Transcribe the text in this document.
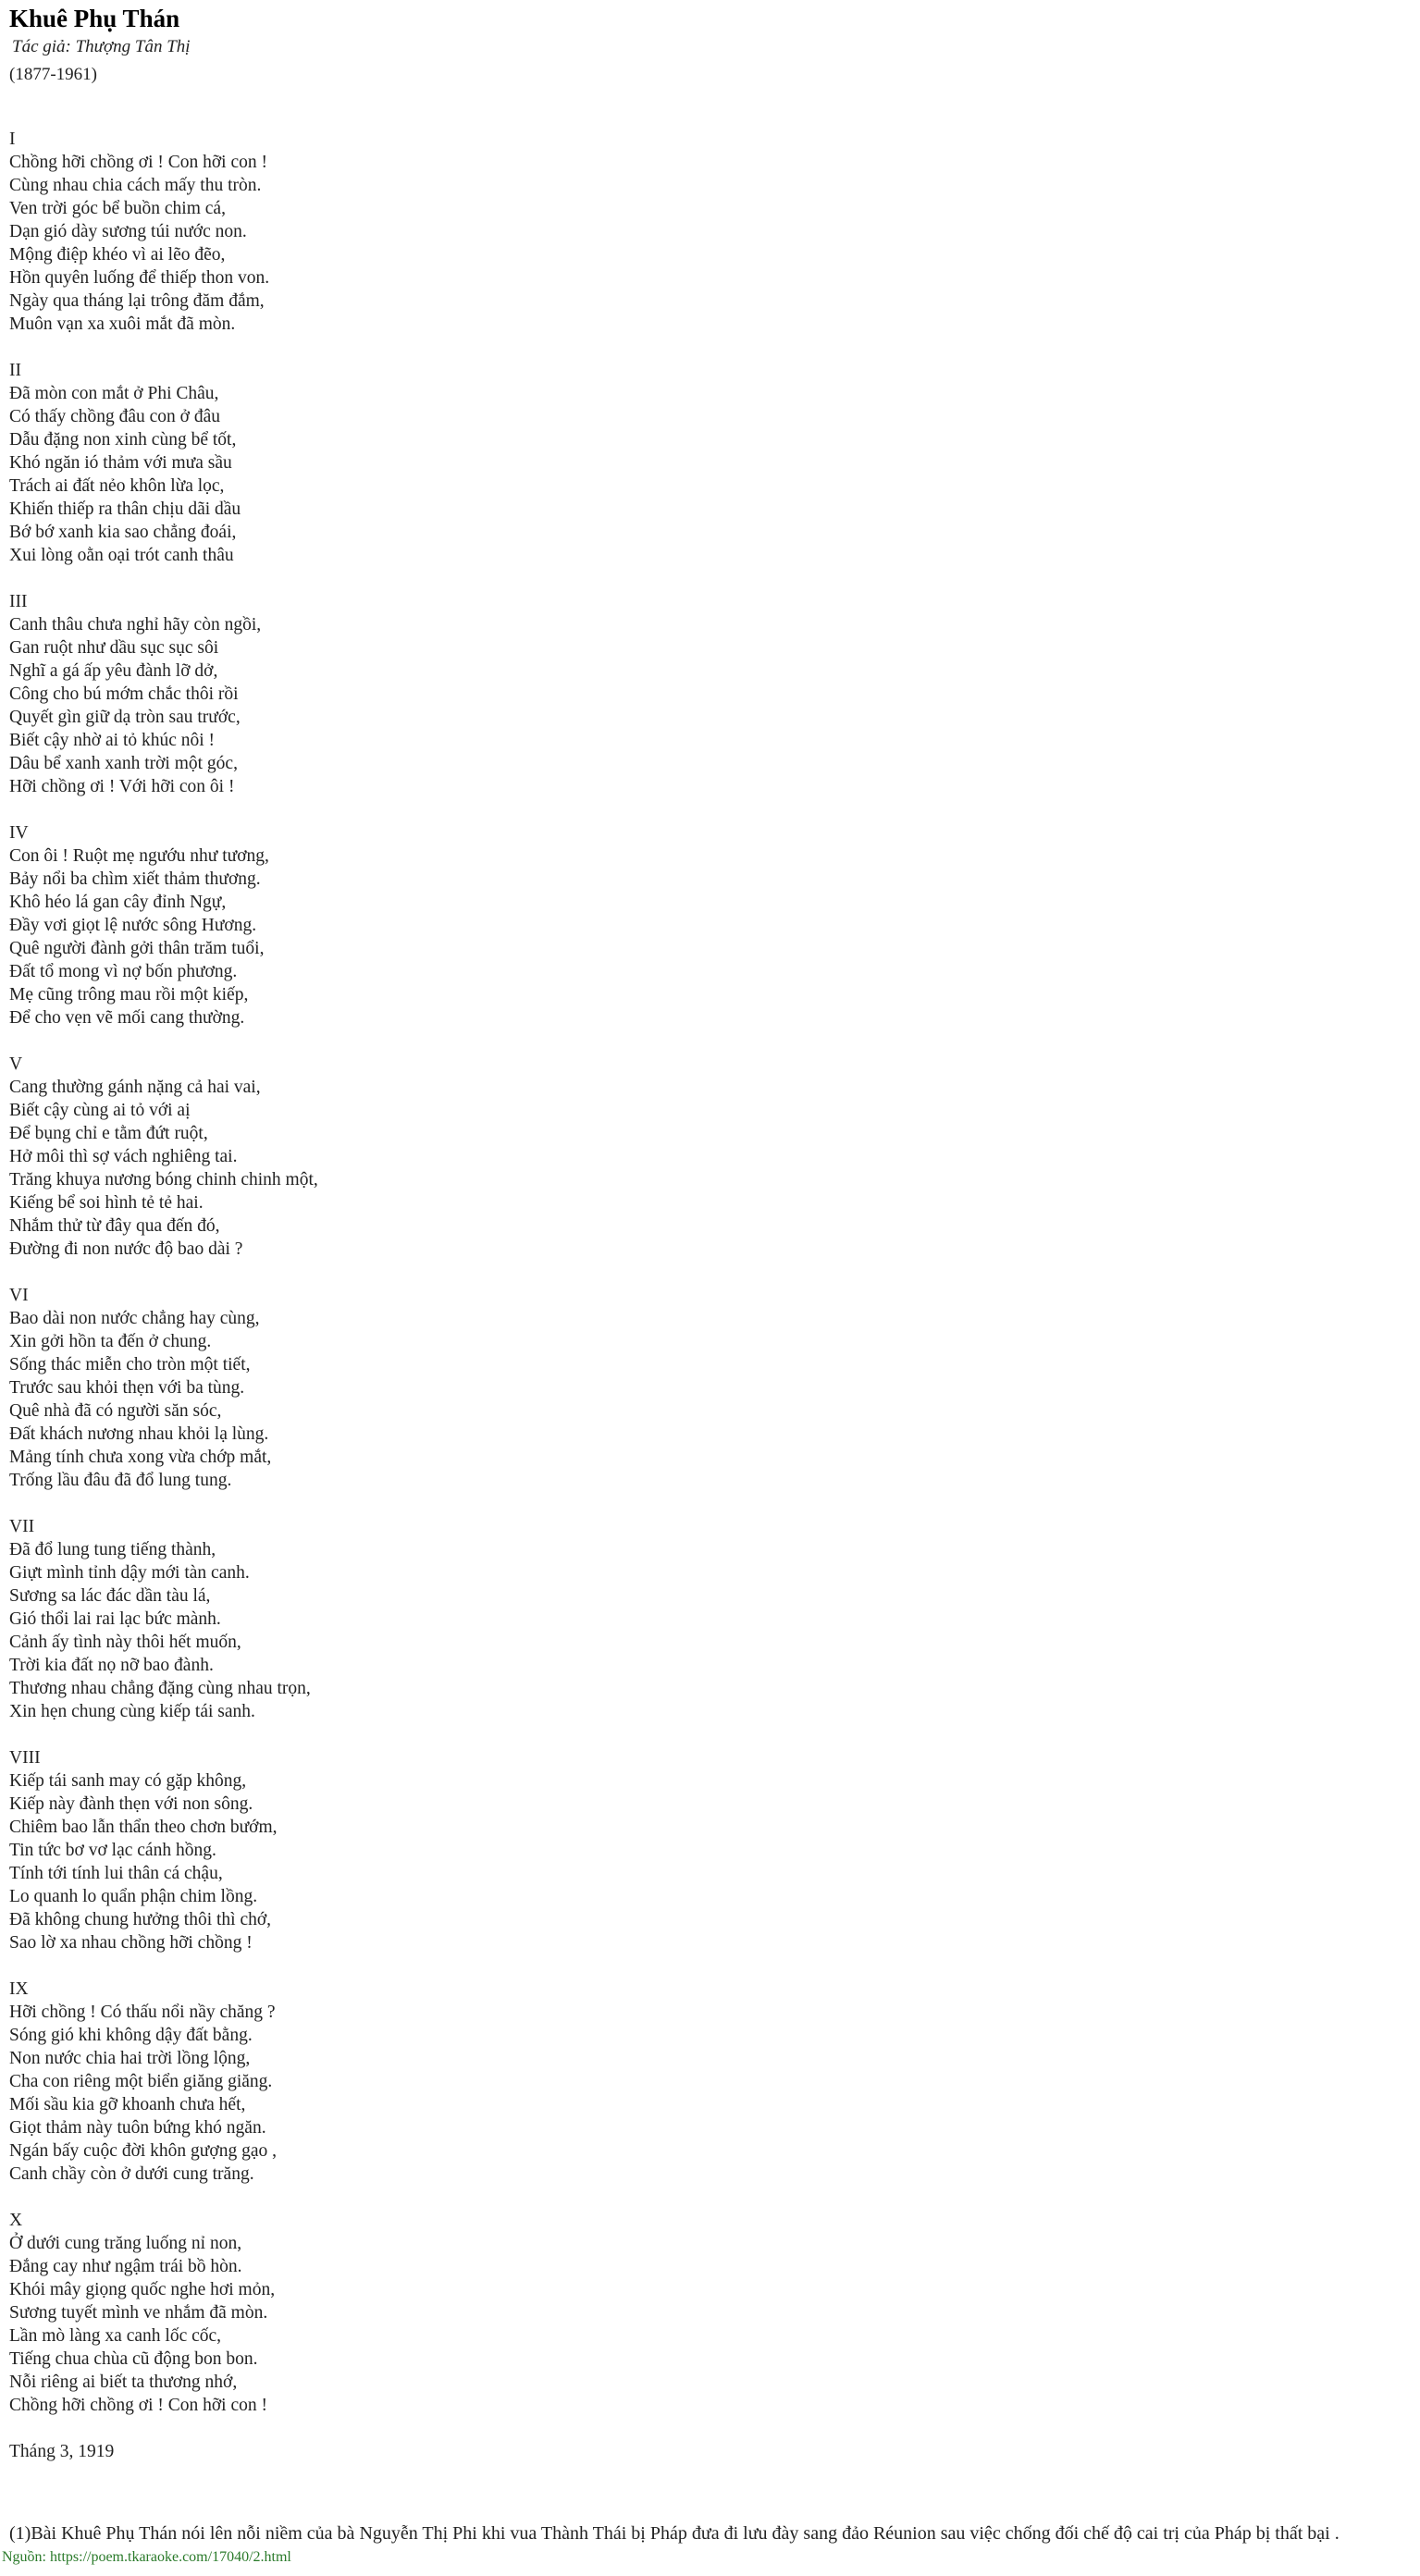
Khuê Phụ Thán
Tác giả: Thượng Tân Thị
(1877-1961)
I
Chồng hỡi chồng ơi ! Con hỡi con !
Cùng nhau chia cách mấy thu tròn.
Ven trời góc bể buồn chim cá,
Dạn gió dày sương túi nước non.
Mộng điệp khéo vì ai lẽo đẽo,
Hồn quyên luống để thiếp thon von.
Ngày qua tháng lại trông đăm đắm,
Muôn vạn xa xuôi mắt đã mòn.
II
Đã mòn con mắt ở Phi Châu,
Có thấy chồng đâu con ở đâu
Dẫu đặng non xinh cùng bể tốt,
Khó ngăn ió thảm với mưa sầu
Trách ai đất nẻo khôn lừa lọc,
Khiến thiếp ra thân chịu dãi dầu
Bớ bớ xanh kia sao chẳng đoái,
Xui lòng oằn oại trót canh thâu
III
Canh thâu chưa nghỉ hãy còn ngồi,
Gan ruột như dầu sục sục sôi
Nghĩ a gá ấp yêu đành lỡ dở,
Công cho bú mớm chắc thôi rồi
Quyết gìn giữ dạ tròn sau trước,
Biết cậy nhờ ai tỏ khúc nôi !
Dâu bể xanh xanh trời một góc,
Hỡi chồng ơi ! Với hỡi con ôi !
IV
Con ôi ! Ruột mẹ ngướu như tương,
Bảy nổi ba chìm xiết thảm thương.
Khô héo lá gan cây đỉnh Ngự,
Đầy vơi giọt lệ nước sông Hương.
Quê người đành gởi thân trăm tuổi,
Đất tổ mong vì nợ bốn phương.
Mẹ cũng trông mau rồi một kiếp,
Để cho vẹn vẽ mối cang thường.
V
Cang thường gánh nặng cả hai vai,
Biết cậy cùng ai tỏ với aị
Để bụng chỉ e tằm đứt ruột,
Hở môi thì sợ vách nghiêng tai.
Trăng khuya nương bóng chinh chinh một,
Kiếng bể soi hình tẻ tẻ hai.
Nhắm thử từ đây qua đến đó,
Đường đi non nước độ bao dài ?
VI
Bao dài non nước chẳng hay cùng,
Xin gởi hồn ta đến ở chung.
Sống thác miễn cho tròn một tiết,
Trước sau khỏi thẹn với ba tùng.
Quê nhà đã có người săn sóc,
Đất khách nương nhau khỏi lạ lùng.
Mảng tính chưa xong vừa chớp mắt,
Trống lầu đâu đã đổ lung tung.
VII
Đã đổ lung tung tiếng thành,
Giựt mình tỉnh dậy mới tàn canh.
Sương sa lác đác dần tàu lá,
Gió thổi lai rai lạc bức mành.
Cảnh ấy tình này thôi hết muốn,
Trời kia đất nọ nỡ bao đành.
Thương nhau chẳng đặng cùng nhau trọn,
Xin hẹn chung cùng kiếp tái sanh.
VIII
Kiếp tái sanh may có gặp không,
Kiếp này đành thẹn với non sông.
Chiêm bao lẫn thẩn theo chơn bướm,
Tin tức bơ vơ lạc cánh hồng.
Tính tới tính lui thân cá chậu,
Lo quanh lo quẩn phận chim lồng.
Đã không chung hưởng thôi thì chớ,
Sao lờ xa nhau chồng hỡi chồng !
IX
Hỡi chồng ! Có thấu nổi nầy chăng ?
Sóng gió khi không dậy đất bằng.
Non nước chia hai trời lồng lộng,
Cha con riêng một biển giăng giăng.
Mối sầu kia gỡ khoanh chưa hết,
Giọt thảm này tuôn bứng khó ngăn.
Ngán bấy cuộc đời khôn gượng gạo ,
Canh chầy còn ở dưới cung trăng.
X
Ở dưới cung trăng luống nỉ non,
Đắng cay như ngậm trái bồ hòn.
Khói mây giọng quốc nghe hơi mỏn,
Sương tuyết mình ve nhắm đã mòn.
Lần mò làng xa canh lốc cốc,
Tiếng chua chùa cũ động bon bon.
Nỗi riêng ai biết ta thương nhớ,
Chồng hỡi chồng ơi ! Con hỡi con !
Tháng 3, 1919
(1)Bài Khuê Phụ Thán nói lên nỗi niềm của bà Nguyễn Thị Phi khi vua Thành Thái bị Pháp đưa đi lưu đày sang đảo Réunion sau việc chống đối chế độ cai trị của Pháp bị thất bại .
Nguồn: https://poem.tkaraoke.com/17040/2.html
